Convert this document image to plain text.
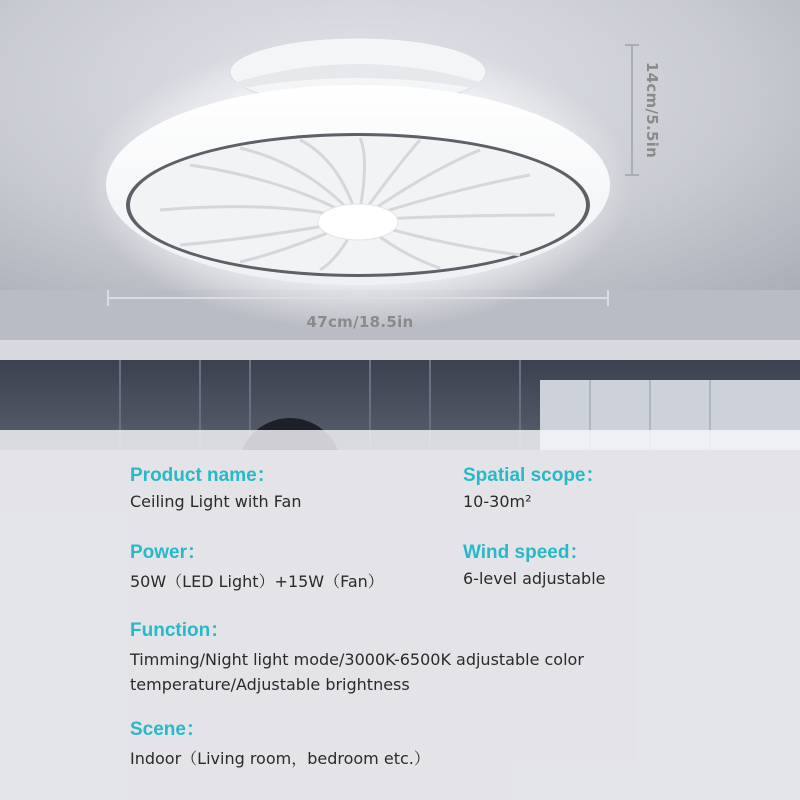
14cm/5.5in
47cm/18.5in
Product name：
Ceiling Light with Fan
Spatial scope：
10-30m²
Power：
50W（LED Light）+15W（Fan）
Wind speed：
6-level adjustable
Function：
Timming/Night light mode/3000K-6500K adjustable color temperature/Adjustable brightness
Scene：
Indoor（Living room，bedroom etc.）
